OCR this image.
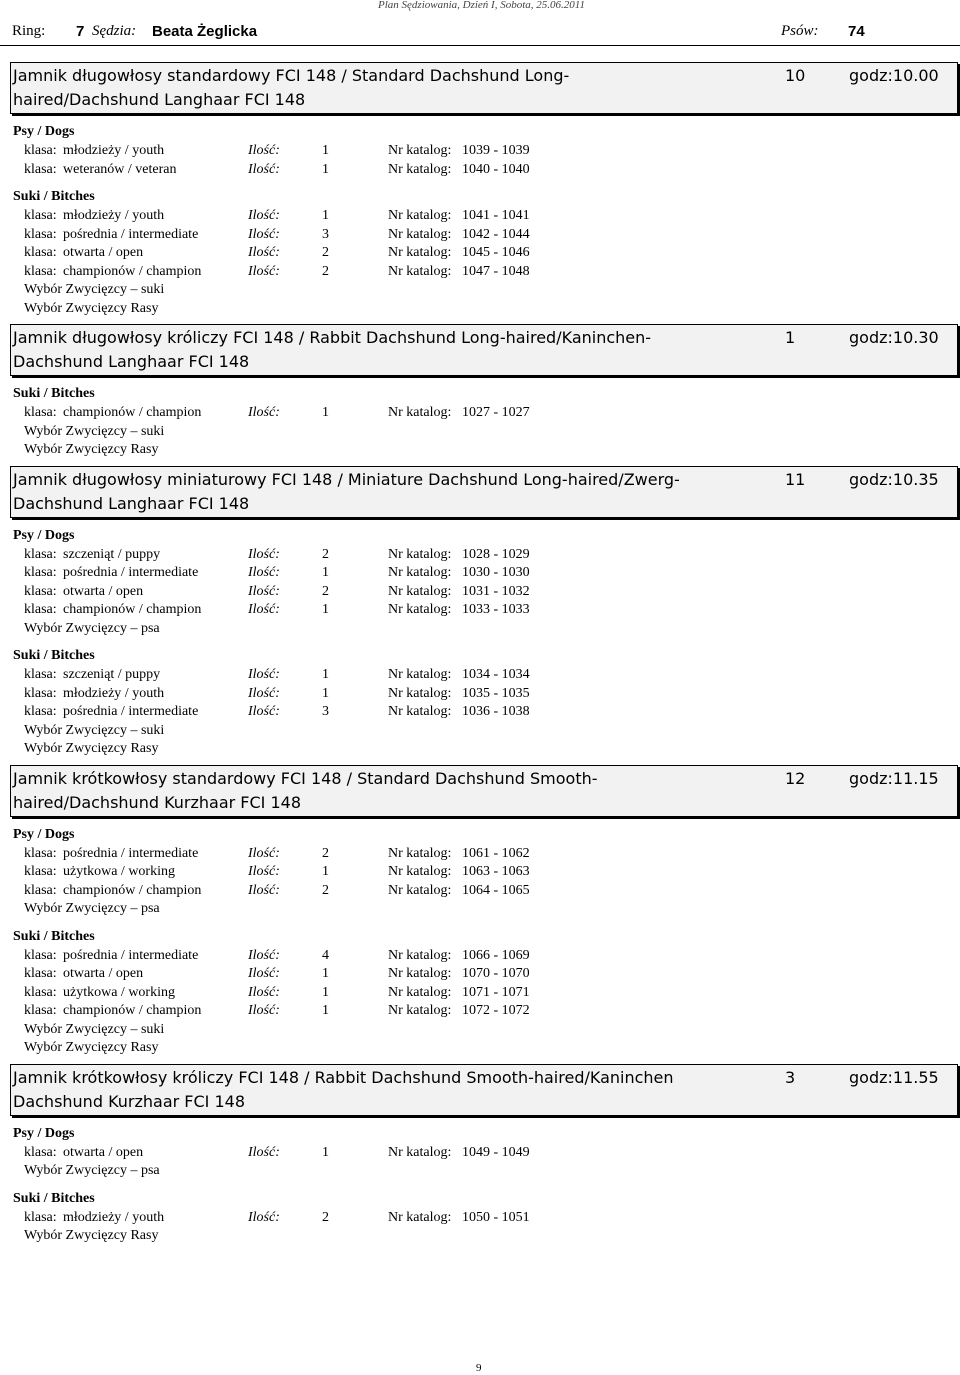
Plan Sędziowania, Dzień I, Sobota, 25.06.2011
Ring: 7 Sędzia: Beata Żeglicka	Psów: 74
Jamnik długowłosy standardowy FCI 148 / Standard Dachshund Long-haired/Dachshund Langhaar FCI 148
10	godz:10.00
Psy / Dogs
klasa: młodzieży / youth	Ilość:	1	Nr katalog: 1039 - 1039
klasa: weteranów / veteran	Ilość:	1	Nr katalog: 1040 - 1040
Suki / Bitches
klasa: młodzieży / youth	Ilość:	1	Nr katalog: 1041 - 1041
klasa: pośrednia / intermediate	Ilość:	3	Nr katalog: 1042 - 1044
klasa: otwarta / open	Ilość:	2	Nr katalog: 1045 - 1046
klasa: championów / champion	Ilość:	2	Nr katalog: 1047 - 1048
Wybór Zwycięzcy – suki
Wybór Zwycięzcy Rasy
Jamnik długowłosy króliczy FCI 148 / Rabbit Dachshund Long-haired/Kaninchen-Dachshund Langhaar FCI 148
1	godz:10.30
Suki / Bitches
klasa: championów / champion	Ilość:	1	Nr katalog: 1027 - 1027
Wybór Zwycięzcy – suki
Wybór Zwycięzcy Rasy
Jamnik długowłosy miniaturowy FCI 148 / Miniature Dachshund Long-haired/Zwerg-Dachshund Langhaar FCI 148
11	godz:10.35
Psy / Dogs
klasa: szczeniąt / puppy	Ilość:	2	Nr katalog: 1028 - 1029
klasa: pośrednia / intermediate	Ilość:	1	Nr katalog: 1030 - 1030
klasa: otwarta / open	Ilość:	2	Nr katalog: 1031 - 1032
klasa: championów / champion	Ilość:	1	Nr katalog: 1033 - 1033
Wybór Zwycięzcy – psa
Suki / Bitches
klasa: szczeniąt / puppy	Ilość:	1	Nr katalog: 1034 - 1034
klasa: młodzieży / youth	Ilość:	1	Nr katalog: 1035 - 1035
klasa: pośrednia / intermediate	Ilość:	3	Nr katalog: 1036 - 1038
Wybór Zwycięzcy – suki
Wybór Zwycięzcy Rasy
Jamnik krótkowłosy standardowy FCI 148 / Standard Dachshund Smooth-haired/Dachshund Kurzhaar FCI 148
12	godz:11.15
Psy / Dogs
klasa: pośrednia / intermediate	Ilość:	2	Nr katalog: 1061 - 1062
klasa: użytkowa / working	Ilość:	1	Nr katalog: 1063 - 1063
klasa: championów / champion	Ilość:	2	Nr katalog: 1064 - 1065
Wybór Zwycięzcy – psa
Suki / Bitches
klasa: pośrednia / intermediate	Ilość:	4	Nr katalog: 1066 - 1069
klasa: otwarta / open	Ilość:	1	Nr katalog: 1070 - 1070
klasa: użytkowa / working	Ilość:	1	Nr katalog: 1071 - 1071
klasa: championów / champion	Ilość:	1	Nr katalog: 1072 - 1072
Wybór Zwycięzcy – suki
Wybór Zwycięzcy Rasy
Jamnik krótkowłosy króliczy FCI 148 / Rabbit Dachshund Smooth-haired/Kaninchen Dachshund Kurzhaar FCI 148
3	godz:11.55
Psy / Dogs
klasa: otwarta / open	Ilość:	1	Nr katalog: 1049 - 1049
Wybór Zwycięzcy – psa
Suki / Bitches
klasa: młodzieży / youth	Ilość:	2	Nr katalog: 1050 - 1051
Wybór Zwycięzcy Rasy
9
